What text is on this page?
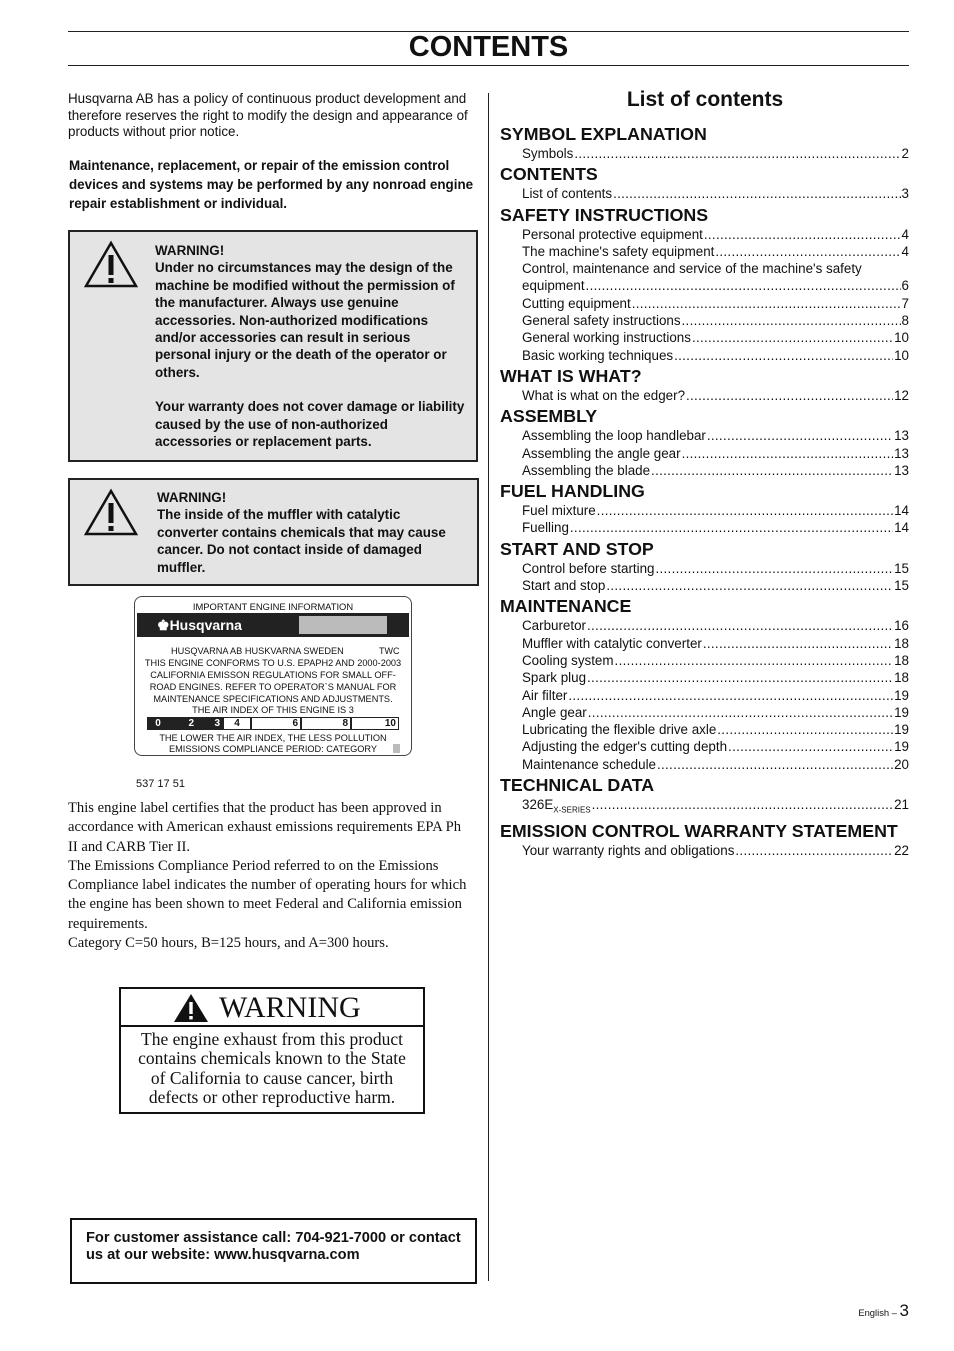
CONTENTS

Husqvarna AB has a policy of continuous product development and therefore reserves the right to modify the design and appearance of products without prior notice.

Maintenance, replacement, or repair of the emission control devices and systems may be performed by any nonroad engine repair establishment or individual.

WARNING!

Under no circumstances may the design of the machine be modified without the permission of the manufacturer. Always use genuine accessories. Non-authorized modifications and/or accessories can result in serious personal injury or the death of the operator or others.

Your warranty does not cover damage or liability caused by the use of non-authorized accessories or replacement parts.

WARNING!

The inside of the muffler with catalytic converter contains chemicals that may cause cancer. Do not contact inside of damaged muffler.

IMPORTANT ENGINE INFORMATION
♚Husqvarna
HUSQVARNA AB HUSKVARNA SWEDEN	TWC
THIS ENGINE CONFORMS TO U.S. EPAPH2 AND 2000-2003
CALIFORNIA EMISSON REGULATIONS FOR SMALL OFF-
ROAD ENGINES. REFER TO OPERATOR`S MANUAL FOR
MAINTENANCE SPECIFICATIONS AND ADJUSTMENTS.
THE AIR INDEX OF THIS ENGINE IS 3
0	2	3	4	6	8	10
THE LOWER THE AIR INDEX, THE LESS POLLUTION
EMISSIONS COMPLIANCE PERIOD: CATEGORY
537 17 51

This engine label certifies that the product has been approved in accordance with American exhaust emissions requirements EPA Ph II and CARB Tier II.

The Emissions Compliance Period referred to on the Emissions Compliance label indicates the number of operating hours for which the engine has been shown to meet Federal and California emission requirements.

Category C=50 hours, B=125 hours, and A=300 hours.

WARNING
The engine exhaust from this product contains chemicals known to the State of California to cause cancer, birth defects or other reproductive harm.
For customer assistance call: 704-921-7000 or contact us at our website: www.husqvarna.com
List of contents
SYMBOL EXPLANATION
Symbols .....	2
CONTENTS
List of contents .....	3
SAFETY INSTRUCTIONS
Personal protective equipment .....	4
The machine's safety equipment .....	4
Control, maintenance and service of the machine's safety
equipment .....	6
Cutting equipment .....	7
General safety instructions .....	8
General working instructions .....	10
Basic working techniques .....	10
WHAT IS WHAT?
What is what on the edger? .....	12
ASSEMBLY
Assembling the loop handlebar .....	13
Assembling the angle gear .....	13
Assembling the blade .....	13
FUEL HANDLING
Fuel mixture .....	14
Fuelling .....	14
START AND STOP
Control before starting .....	15
Start and stop .....	15
MAINTENANCE
Carburetor .....	16
Muffler with catalytic converter .....	18
Cooling system .....	18
Spark plug .....	18
Air filter .....	19
Angle gear .....	19
Lubricating the flexible drive axle .....	19
Adjusting the edger's cutting depth .....	19
Maintenance schedule .....	20
TECHNICAL DATA
$326E_{X-SERIES}$ .....	21
EMISSION CONTROL WARRANTY STATEMENT
Your warranty rights and obligations .....	22
English – 3
